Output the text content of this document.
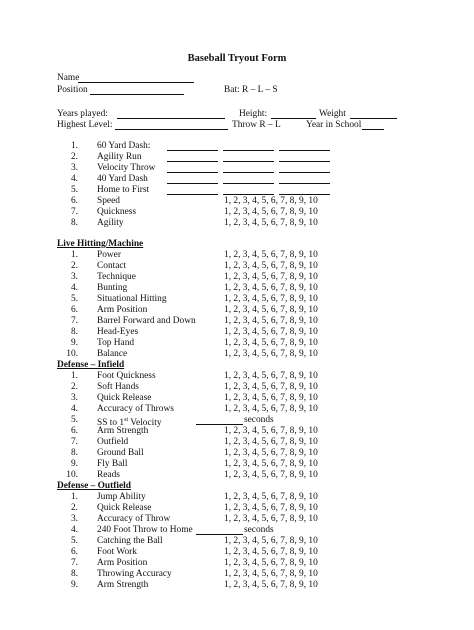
Baseball Tryout Form
Name
Position	Bat: R – L – S
Years played:	Height:	Weight
Highest Level:	Throw R – L	Year in School
1. 60 Yard Dash:
2. Agility Run
3. Velocity Throw
4. 40 Yard Dash
5. Home to First
6. Speed	1, 2, 3, 4, 5, 6, 7, 8, 9, 10
7. Quickness	1, 2, 3, 4, 5, 6, 7, 8, 9, 10
8. Agility	1, 2, 3, 4, 5, 6, 7, 8, 9, 10
Live Hitting/Machine
1. Power	1, 2, 3, 4, 5, 6, 7, 8, 9, 10
2. Contact	1, 2, 3, 4, 5, 6, 7, 8, 9, 10
3. Technique	1, 2, 3, 4, 5, 6, 7, 8, 9, 10
4. Bunting	1, 2, 3, 4, 5, 6, 7, 8, 9, 10
5. Situational Hitting	1, 2, 3, 4, 5, 6, 7, 8, 9, 10
6. Arm Position	1, 2, 3, 4, 5, 6, 7, 8, 9, 10
7. Barrel Forward and Down	1, 2, 3, 4, 5, 6, 7, 8, 9, 10
8. Head-Eyes	1, 2, 3, 4, 5, 6, 7, 8, 9, 10
9. Top Hand	1, 2, 3, 4, 5, 6, 7, 8, 9, 10
10. Balance	1, 2, 3, 4, 5, 6, 7, 8, 9, 10
Defense – Infield
1. Foot Quickness	1, 2, 3, 4, 5, 6, 7, 8, 9, 10
2. Soft Hands	1, 2, 3, 4, 5, 6, 7, 8, 9, 10
3. Quick Release	1, 2, 3, 4, 5, 6, 7, 8, 9, 10
4. Accuracy of Throws	1, 2, 3, 4, 5, 6, 7, 8, 9, 10
5. SS to 1st Velocity	seconds
6. Arm Strength	1, 2, 3, 4, 5, 6, 7, 8, 9, 10
7. Outfield	1, 2, 3, 4, 5, 6, 7, 8, 9, 10
8. Ground Ball	1, 2, 3, 4, 5, 6, 7, 8, 9, 10
9. Fly Ball	1, 2, 3, 4, 5, 6, 7, 8, 9, 10
10. Reads	1, 2, 3, 4, 5, 6, 7, 8, 9, 10
Defense – Outfield
1. Jump Ability	1, 2, 3, 4, 5, 6, 7, 8, 9, 10
2. Quick Release	1, 2, 3, 4, 5, 6, 7, 8, 9, 10
3. Accuracy of Throw	1, 2, 3, 4, 5, 6, 7, 8, 9, 10
4. 240 Foot Throw to Home	seconds
5. Catching the Ball	1, 2, 3, 4, 5, 6, 7, 8, 9, 10
6. Foot Work	1, 2, 3, 4, 5, 6, 7, 8, 9, 10
7. Arm Position	1, 2, 3, 4, 5, 6, 7, 8, 9, 10
8. Throwing Accuracy	1, 2, 3, 4, 5, 6, 7, 8, 9, 10
9. Arm Strength	1, 2, 3, 4, 5, 6, 7, 8, 9, 10
